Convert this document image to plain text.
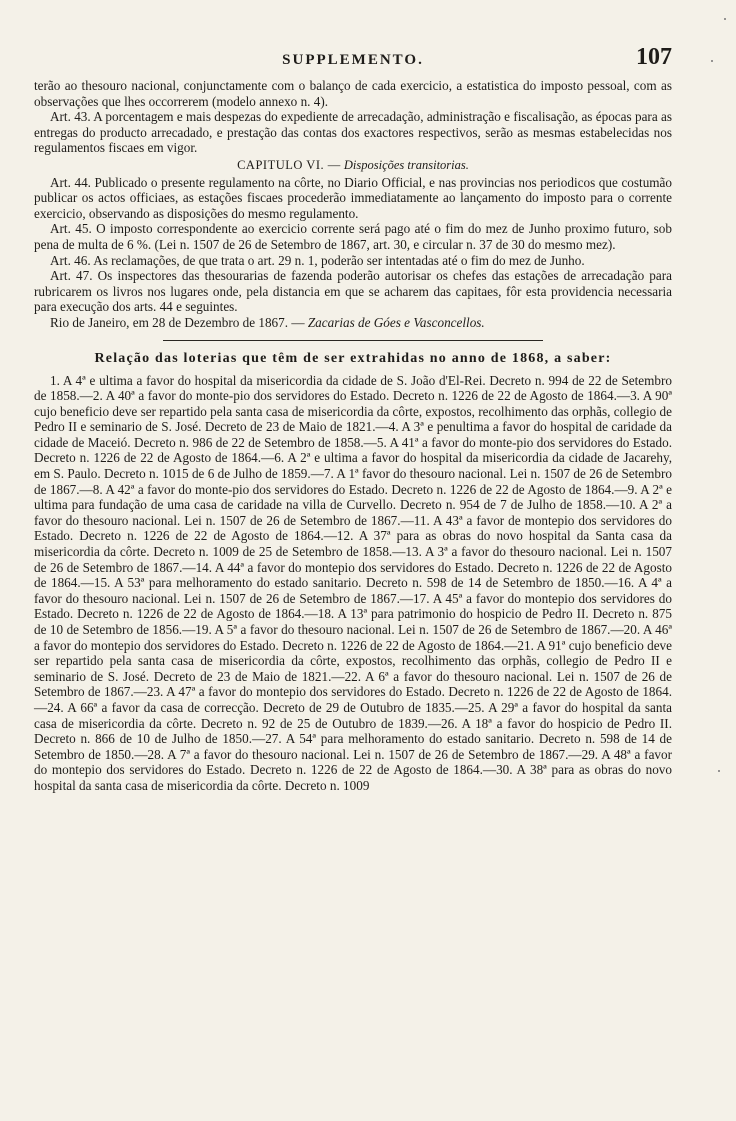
SUPPLEMENTO.	107

terão ao thesouro nacional, conjunctamente com o balanço de cada exercicio, a estatistica do imposto pessoal, com as observações que lhes occorrerem (modelo annexo n. 4).

Art. 43. A porcentagem e mais despezas do expediente de arrecadação, administração e fiscalisação, as épocas para as entregas do producto arrecadado, e prestação das contas dos exactores respectivos, serão as mesmas estabelecidas nos regulamentos fiscaes em vigor.

CAPITULO VI. — Disposições transitorias.

Art. 44. Publicado o presente regulamento na côrte, no Diario Official, e nas provincias nos periodicos que costumão publicar os actos officiaes, as estações fiscaes procederão immediatamente ao lançamento do imposto para o corrente exercicio, observando as disposições do mesmo regulamento.

Art. 45. O imposto correspondente ao exercicio corrente será pago até o fim do mez de Junho proximo futuro, sob pena de multa de 6 %. (Lei n. 1507 de 26 de Setembro de 1867, art. 30, e circular n. 37 de 30 do mesmo mez).

Art. 46. As reclamações, de que trata o art. 29 n. 1, poderão ser intentadas até o fim do mez de Junho.

Art. 47. Os inspectores das thesourarias de fazenda poderão autorisar os chefes das estações de arrecadação para rubricarem os livros nos lugares onde, pela distancia em que se acharem das capitaes, fôr esta providencia necessaria para execução dos arts. 44 e seguintes.

Rio de Janeiro, em 28 de Dezembro de 1867. — Zacarias de Góes e Vasconcellos.

Relação das loterias que têm de ser extrahidas no anno de 1868, a saber:

1. A 4ª e ultima a favor do hospital da misericordia da cidade de S. João d'El-Rei. Decreto n. 994 de 22 de Setembro de 1858.—2. A 40ª a favor do monte-pio dos servidores do Estado. Decreto n. 1226 de 22 de Agosto de 1864.—3. A 90ª cujo beneficio deve ser repartido pela santa casa de misericordia da côrte, expostos, recolhimento das orphãs, collegio de Pedro II e seminario de S. José. Decreto de 23 de Maio de 1821.—4. A 3ª e penultima a favor do hospital de caridade da cidade de Maceió. Decreto n. 986 de 22 de Setembro de 1858.—5. A 41ª a favor do monte-pio dos servidores do Estado. Decreto n. 1226 de 22 de Agosto de 1864.—6. A 2ª e ultima a favor do hospital da misericordia da cidade de Jacarehy, em S. Paulo. Decreto n. 1015 de 6 de Julho de 1859.—7. A 1ª favor do thesouro nacional. Lei n. 1507 de 26 de Setembro de 1867.—8. A 42ª a favor do monte-pio dos servidores do Estado. Decreto n. 1226 de 22 de Agosto de 1864.—9. A 2ª e ultima para fundação de uma casa de caridade na villa de Curvello. Decreto n. 954 de 7 de Julho de 1858.—10. A 2ª a favor do thesouro nacional. Lei n. 1507 de 26 de Setembro de 1867.—11. A 43ª a favor de montepio dos servidores do Estado. Decreto n. 1226 de 22 de Agosto de 1864.—12. A 37ª para as obras do novo hospital da Santa casa da misericordia da côrte. Decreto n. 1009 de 25 de Setembro de 1858.—13. A 3ª a favor do thesouro nacional. Lei n. 1507 de 26 de Setembro de 1867.—14. A 44ª a favor do montepio dos servidores do Estado. Decreto n. 1226 de 22 de Agosto de 1864.—15. A 53ª para melhoramento do estado sanitario. Decreto n. 598 de 14 de Setembro de 1850.—16. A 4ª a favor do thesouro nacional. Lei n. 1507 de 26 de Setembro de 1867.—17. A 45ª a favor do montepio dos servidores do Estado. Decreto n. 1226 de 22 de Agosto de 1864.—18. A 13ª para patrimonio do hospicio de Pedro II. Decreto n. 875 de 10 de Setembro de 1856.—19. A 5ª a favor do thesouro nacional. Lei n. 1507 de 26 de Setembro de 1867.—20. A 46ª a favor do montepio dos servidores do Estado. Decreto n. 1226 de 22 de Agosto de 1864.—21. A 91ª cujo beneficio deve ser repartido pela santa casa de misericordia da côrte, expostos, recolhimento das orphãs, collegio de Pedro II e seminario de S. José. Decreto de 23 de Maio de 1821.—22. A 6ª a favor do thesouro nacional. Lei n. 1507 de 26 de Setembro de 1867.—23. A 47ª a favor do montepio dos servidores do Estado. Decreto n. 1226 de 22 de Agosto de 1864.—24. A 66ª a favor da casa de correcção. Decreto de 29 de Outubro de 1835.—25. A 29ª a favor do hospital da santa casa de misericordia da côrte. Decreto n. 92 de 25 de Outubro de 1839.—26. A 18ª a favor do hospicio de Pedro II. Decreto n. 866 de 10 de Julho de 1850.—27. A 54ª para melhoramento do estado sanitario. Decreto n. 598 de 14 de Setembro de 1850.—28. A 7ª a favor do thesouro nacional. Lei n. 1507 de 26 de Setembro de 1867.—29. A 48ª a favor do montepio dos servidores do Estado. Decreto n. 1226 de 22 de Agosto de 1864.—30. A 38ª para as obras do novo hospital da santa casa de misericordia da côrte. Decreto n. 1009
